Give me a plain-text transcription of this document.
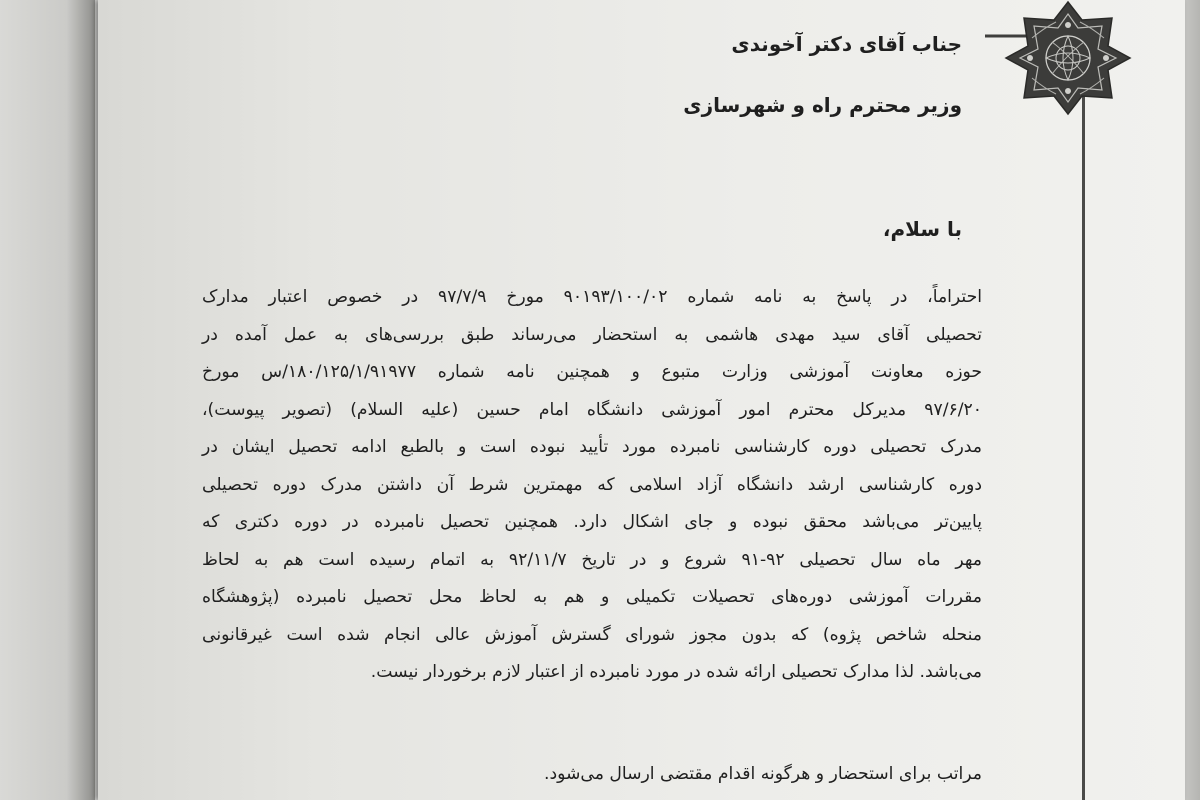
جناب آقای دکتر آخوندی
وزیر محترم راه و شهرسازی
با سلام،
احتراماً، در پاسخ به نامه شماره ۹۰۱۹۳/۱۰۰/۰۲ مورخ ۹۷/۷/۹ در خصوص اعتبار مدارک
تحصیلی آقای سید مهدی هاشمی به استحضار می‌رساند طبق بررسی‌های به عمل آمده در
حوزه معاونت آموزشی وزارت متبوع و همچنین نامه شماره ۱۸۰/۱۲۵/۱/۹۱۹۷۷/س مورخ
۹۷/۶/۲۰ مدیرکل محترم امور آموزشی دانشگاه امام حسین (علیه السلام) (تصویر پیوست)،
مدرک تحصیلی دوره کارشناسی نامبرده مورد تأیید نبوده است و بالطبع ادامه تحصیل ایشان در
دوره کارشناسی ارشد دانشگاه آزاد اسلامی که مهمترین شرط آن داشتن مدرک دوره تحصیلی
پایین‌تر می‌باشد محقق نبوده و جای اشکال دارد. همچنین تحصیل نامبرده در دوره دکتری که
مهر ماه سال تحصیلی ۹۲-۹۱ شروع و در تاریخ ۹۲/۱۱/۷ به اتمام رسیده است هم به لحاظ
مقررات آموزشی دوره‌های تحصیلات تکمیلی و هم به لحاظ محل تحصیل نامبرده (پژوهشگاه
منحله شاخص پژوه) که بدون مجوز شورای گسترش آموزش عالی انجام شده است غیرقانونی
می‌باشد. لذا مدارک تحصیلی ارائه شده در مورد نامبرده از اعتبار لازم برخوردار نیست.
مراتب برای استحضار و هرگونه اقدام مقتضی ارسال می‌شود.
